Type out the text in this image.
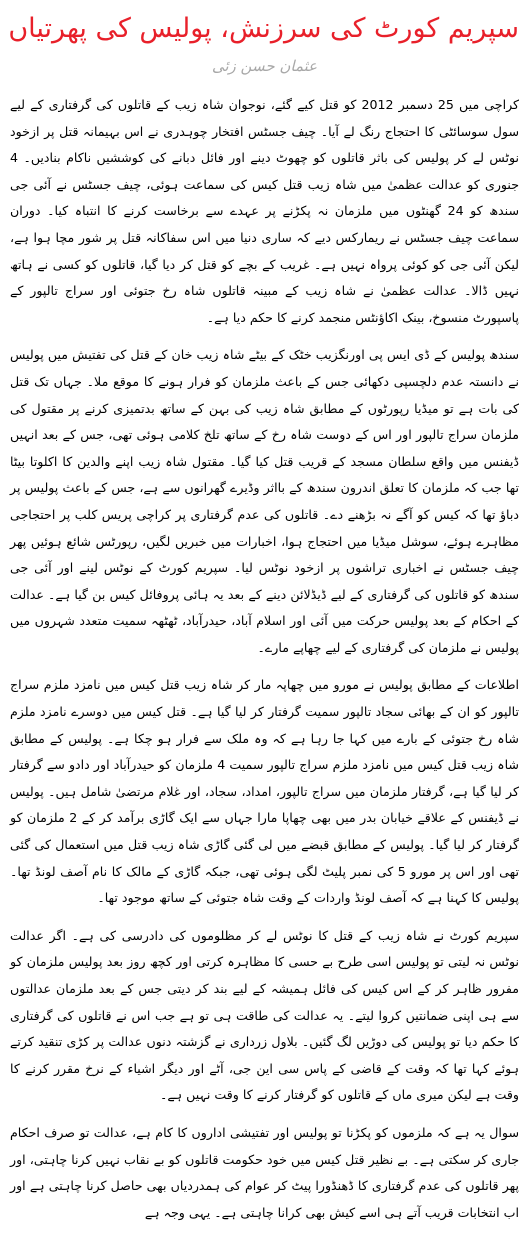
سپریم کورٹ کی سرزنش، پولیس کی پھرتیاں
عثمان حسن زئی

کراچی میں 25 دسمبر 2012 کو قتل کیے گئے، نوجوان شاہ زیب کے قاتلوں کی گرفتاری کے لیے سول سوسائٹی کا احتجاج رنگ لے آیا۔ چیف جسٹس افتخار چوہدری نے اس بہیمانہ قتل پر ازخود نوٹس لے کر پولیس کی باثر قاتلوں کو چھوٹ دینے اور فائل دبانے کی کوششیں ناکام بنادیں۔ 4 جنوری کو عدالت عظمیٰ میں شاہ زیب قتل کیس کی سماعت ہوئی، چیف جسٹس نے آئی جی سندھ کو 24 گھنٹوں میں ملزمان نہ پکڑنے پر عہدے سے برخاست کرنے کا انتباہ کیا۔ دوران سماعت چیف جسٹس نے ریمارکس دیے کہ ساری دنیا میں اس سفاکانہ قتل پر شور مچا ہوا ہے، لیکن آئی جی کو کوئی پرواہ نہیں ہے۔ غریب کے بچے کو قتل کر دیا گیا، قاتلوں کو کسی نے ہاتھ نہیں ڈالا۔ عدالت عظمیٰ نے شاہ زیب کے مبینہ قاتلوں شاہ رخ جتوئی اور سراج تالپور کے پاسپورٹ منسوخ، بینک اکاؤنٹس منجمد کرنے کا حکم دیا ہے۔

سندھ پولیس کے ڈی ایس پی اورنگزیب خٹک کے بیٹے شاہ زیب خان کے قتل کی تفتیش میں پولیس نے دانستہ عدم دلچسپی دکھائی جس کے باعث ملزمان کو فرار ہونے کا موقع ملا۔ جہاں تک قتل کی بات ہے تو میڈیا رپورٹوں کے مطابق شاہ زیب کی بہن کے ساتھ بدتمیزی کرنے پر مقتول کی ملزمان سراج تالپور اور اس کے دوست شاہ رخ کے ساتھ تلخ کلامی ہوئی تھی، جس کے بعد انہیں ڈیفنس میں واقع سلطان مسجد کے قریب قتل کیا گیا۔ مقتول شاہ زیب اپنے والدین کا اکلوتا بیٹا تھا جب کہ ملزمان کا تعلق اندرون سندھ کے بااثر وڈیرے گھرانوں سے ہے، جس کے باعث پولیس پر دباؤ تھا کہ کیس کو آگے نہ بڑھنے دے۔ قاتلوں کی عدم گرفتاری پر کراچی پریس کلب پر احتجاجی مظاہرے ہوئے، سوشل میڈیا میں احتجاج ہوا، اخبارات میں خبریں لگیں، رپورٹس شائع ہوئیں پھر چیف جسٹس نے اخباری تراشوں پر ازخود نوٹس لیا۔ سپریم کورٹ کے نوٹس لینے اور آئی جی سندھ کو قاتلوں کی گرفتاری کے لیے ڈیڈلائن دینے کے بعد یہ ہائی پروفائل کیس بن گیا ہے۔ عدالت کے احکام کے بعد پولیس حرکت میں آئی اور اسلام آباد، حیدرآباد، ٹھٹھہ سمیت متعدد شہروں میں پولیس نے ملزمان کی گرفتاری کے لیے چھاپے مارے۔

اطلاعات کے مطابق پولیس نے مورو میں چھاپہ مار کر شاہ زیب قتل کیس میں نامزد ملزم سراج تالپور کو ان کے بھائی سجاد تالپور سمیت گرفتار کر لیا گیا ہے۔ قتل کیس میں دوسرے نامزد ملزم شاہ رخ جتوئی کے بارے میں کہا جا رہا ہے کہ وہ ملک سے فرار ہو چکا ہے۔ پولیس کے مطابق شاہ زیب قتل کیس میں نامزد ملزم سراج تالپور سمیت 4 ملزمان کو حیدرآباد اور دادو سے گرفتار کر لیا گیا ہے، گرفتار ملزمان میں سراج تالپور، امداد، سجاد، اور غلام مرتضیٰ شامل ہیں۔ پولیس نے ڈیفنس کے علاقے خیابان بدر میں بھی چھاپا مارا جہاں سے ایک گاڑی برآمد کر کے 2 ملزمان کو گرفتار کر لیا گیا۔ پولیس کے مطابق قبضے میں لی گئی گاڑی شاہ زیب قتل میں استعمال کی گئی تھی اور اس پر مورو 5 کی نمبر پلیٹ لگی ہوئی تھی، جبکہ گاڑی کے مالک کا نام آصف لونڈ تھا۔ پولیس کا کہنا ہے کہ آصف لونڈ واردات کے وقت شاہ جتوئی کے ساتھ موجود تھا۔

سپریم کورٹ نے شاہ زیب کے قتل کا نوٹس لے کر مظلوموں کی دادرسی کی ہے۔ اگر عدالت نوٹس نہ لیتی تو پولیس اسی طرح بے حسی کا مظاہرہ کرتی اور کچھ روز بعد پولیس ملزمان کو مفرور ظاہر کر کے اس کیس کی فائل ہمیشہ کے لیے بند کر دیتی جس کے بعد ملزمان عدالتوں سے ہی اپنی ضمانتیں کروا لیتے۔ یہ عدالت کی طاقت ہی تو ہے جب اس نے قاتلوں کی گرفتاری کا حکم دیا تو پولیس کی دوڑیں لگ گئیں۔ بلاول زرداری نے گزشتہ دنوں عدالت پر کڑی تنقید کرتے ہوئے کہا تھا کہ وقت کے قاضی کے پاس سی این جی، آٹے اور دیگر اشیاء کے نرخ مقرر کرنے کا وقت ہے لیکن میری ماں کے قاتلوں کو گرفتار کرنے کا وقت نہیں ہے۔

سوال یہ ہے کہ ملزموں کو پکڑنا تو پولیس اور تفتیشی اداروں کا کام ہے، عدالت تو صرف احکام جاری کر سکتی ہے۔ بے نظیر قتل کیس میں خود حکومت قاتلوں کو بے نقاب نہیں کرنا چاہتی، اور پھر قاتلوں کی عدم گرفتاری کا ڈھنڈورا پیٹ کر عوام کی ہمدردیاں بھی حاصل کرنا چاہتی ہے اور اب انتخابات قریب آتے ہی اسے کیش بھی کرانا چاہتی ہے۔ یہی وجہ ہے
